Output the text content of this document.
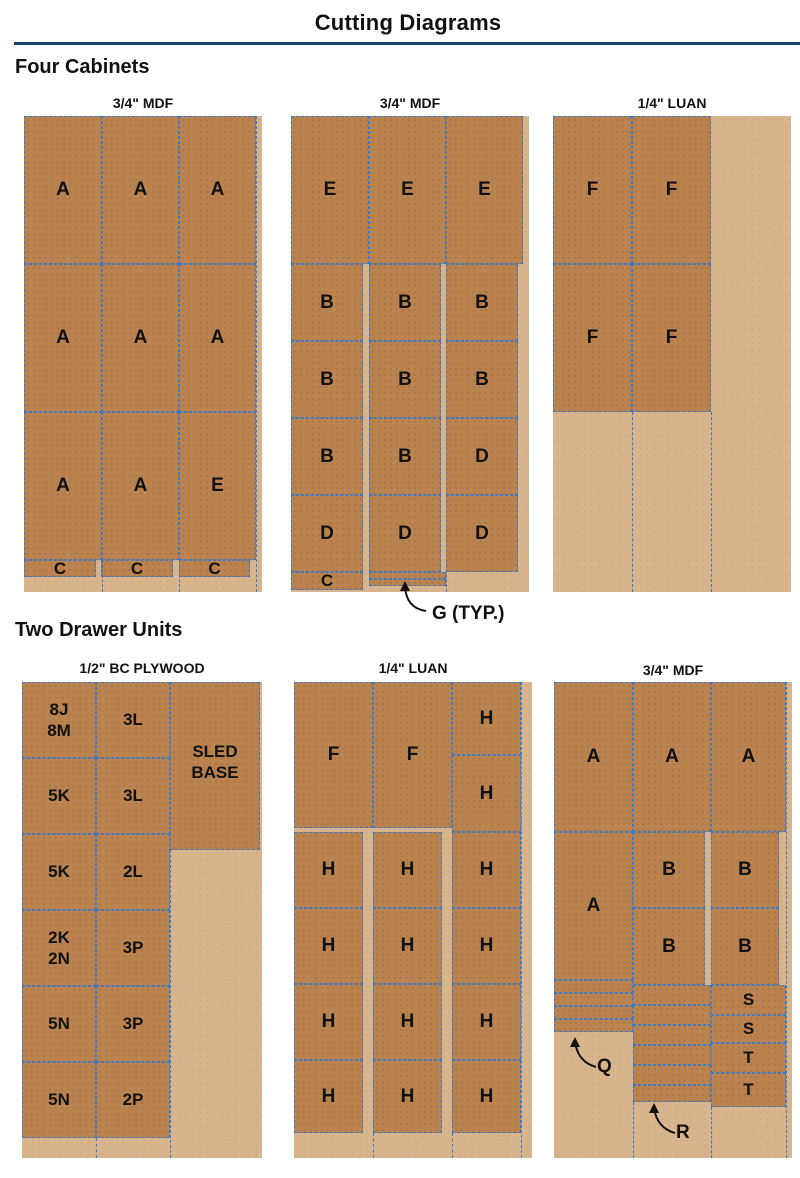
Cutting Diagrams
Four Cabinets
Two Drawer Units
3/4" MDF	3/4" MDF	1/4" LUAN
1/2" BC PLYWOOD	1/4" LUAN	3/4" MDF
A	A	A
A	A	A
A	A	E
C	C	C
E	E	E
B	B	B
B	B	B
B	B	D
D	D	D
C
F	F
F	F
G (TYP.)
8J
8M
3L
SLED
BASE
5K	3L
5K	2L
2K
2N
3P
5N	3P
5N	2P
F	F
H
H
H	H	H
H	H	H
H	H	H
H	H	H
A	A	A
A
B	B
B	B
S
S
T
T
Q
R
